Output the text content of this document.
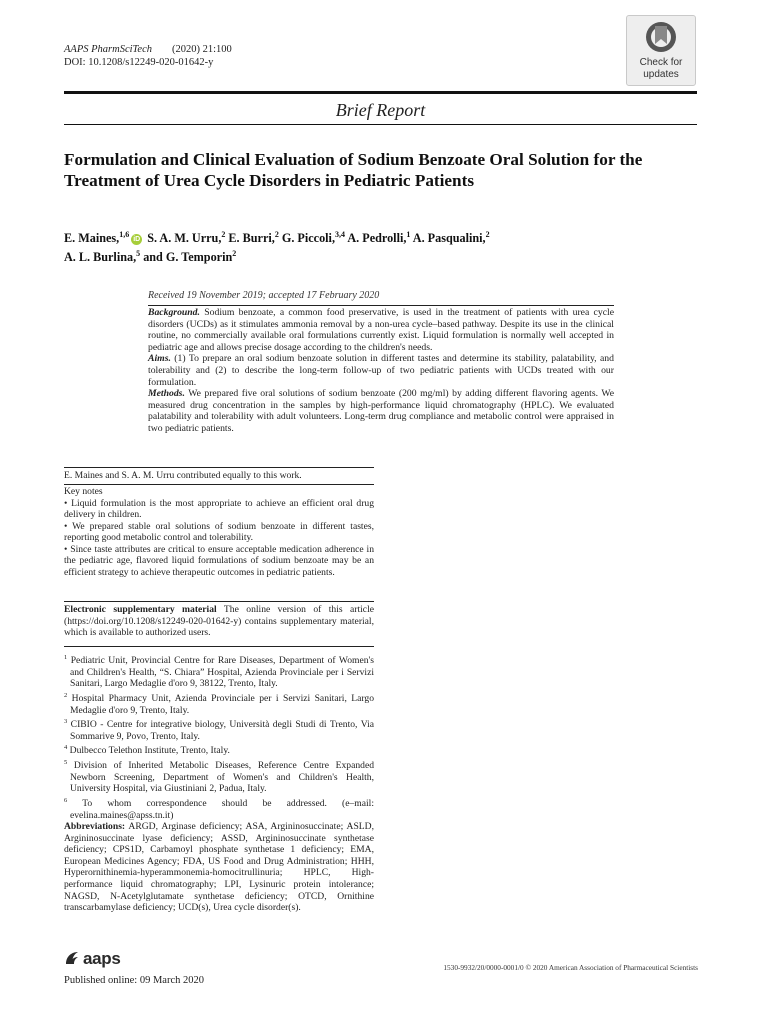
AAPS PharmSciTech (2020) 21:100
DOI: 10.1208/s12249-020-01642-y	Check for
updates
Brief Report
Formulation and Clinical Evaluation of Sodium Benzoate Oral Solution for the Treatment of Urea Cycle Disorders in Pediatric Patients
E. Maines,$^{1,6}$iD S. A. M. Urru,$^2$ E. Burri,$^2$ G. Piccoli,$^{3,4}$ A. Pedrolli,$^1$ A. Pasqualini,$^2$
A. L. Burlina,$^5$ and G. Temporin$^2$
Received 19 November 2019; accepted 17 February 2020

Background. Sodium benzoate, a common food preservative, is used in the treatment of patients with urea cycle disorders (UCDs) as it stimulates ammonia removal by a non-urea cycle–based pathway. Despite its use in the clinical routine, no commercially available oral formulations currently exist. Liquid formulation is normally well accepted in pediatric age and allows precise dosage according to the children's needs.

Aims. (1) To prepare an oral sodium benzoate solution in different tastes and determine its stability, palatability, and tolerability and (2) to describe the long-term follow-up of two pediatric patients with UCDs treated with our formulation.

Methods. We prepared five oral solutions of sodium benzoate (200 mg/ml) by adding different flavoring agents. We measured drug concentration in the samples by high-performance liquid chromatography (HPLC). We evaluated palatability and tolerability with adult volunteers. Long-term drug compliance and metabolic control were appraised in two pediatric patients.

E. Maines and S. A. M. Urru contributed equally to this work.

Key notes

• Liquid formulation is the most appropriate to achieve an efficient oral drug delivery in children.

• We prepared stable oral solutions of sodium benzoate in different tastes, reporting good metabolic control and tolerability.

• Since taste attributes are critical to ensure acceptable medication adherence in the pediatric age, flavored liquid formulations of sodium benzoate may be an efficient strategy to achieve therapeutic outcomes in pediatric patients.

Electronic supplementary material The online version of this article (https://doi.org/10.1208/s12249-020-01642-y) contains supplementary material, which is available to authorized users.

$^1$ Pediatric Unit, Provincial Centre for Rare Diseases, Department of Women's and Children's Health, “S. Chiara” Hospital, Azienda Provinciale per i Servizi Sanitari, Largo Medaglie d'oro 9, 38122, Trento, Italy.

$^2$ Hospital Pharmacy Unit, Azienda Provinciale per i Servizi Sanitari, Largo Medaglie d'oro 9, Trento, Italy.

$^3$ CIBIO - Centre for integrative biology, Università degli Studi di Trento, Via Sommarive 9, Povo, Trento, Italy.

$^4$ Dulbecco Telethon Institute, Trento, Italy.

$^5$ Division of Inherited Metabolic Diseases, Reference Centre Expanded Newborn Screening, Department of Women's and Children's Health, University Hospital, via Giustiniani 2, Padua, Italy.

$^6$ To whom correspondence should be addressed. (e–mail: evelina.maines@apss.tn.it)

Abbreviations: ARGD, Arginase deficiency; ASA, Argininosuccinate; ASLD, Argininosuccinate lyase deficiency; ASSD, Argininosuccinate synthetase deficiency; CPS1D, Carbamoyl phosphate synthetase 1 deficiency; EMA, European Medicines Agency; FDA, US Food and Drug Administration; HHH, Hyperornithinemia-hyperammonemia-homocitrullinuria; HPLC, High-performance liquid chromatography; LPI, Lysinuric protein intolerance; NAGSD, N-Acetylglutamate synthetase deficiency; OTCD, Ornithine transcarbamylase deficiency; UCD(s), Urea cycle disorder(s).

aaps
Published online: 09 March 2020
1530-9932/20/0000-0001/0 © 2020 American Association of Pharmaceutical Scientists
